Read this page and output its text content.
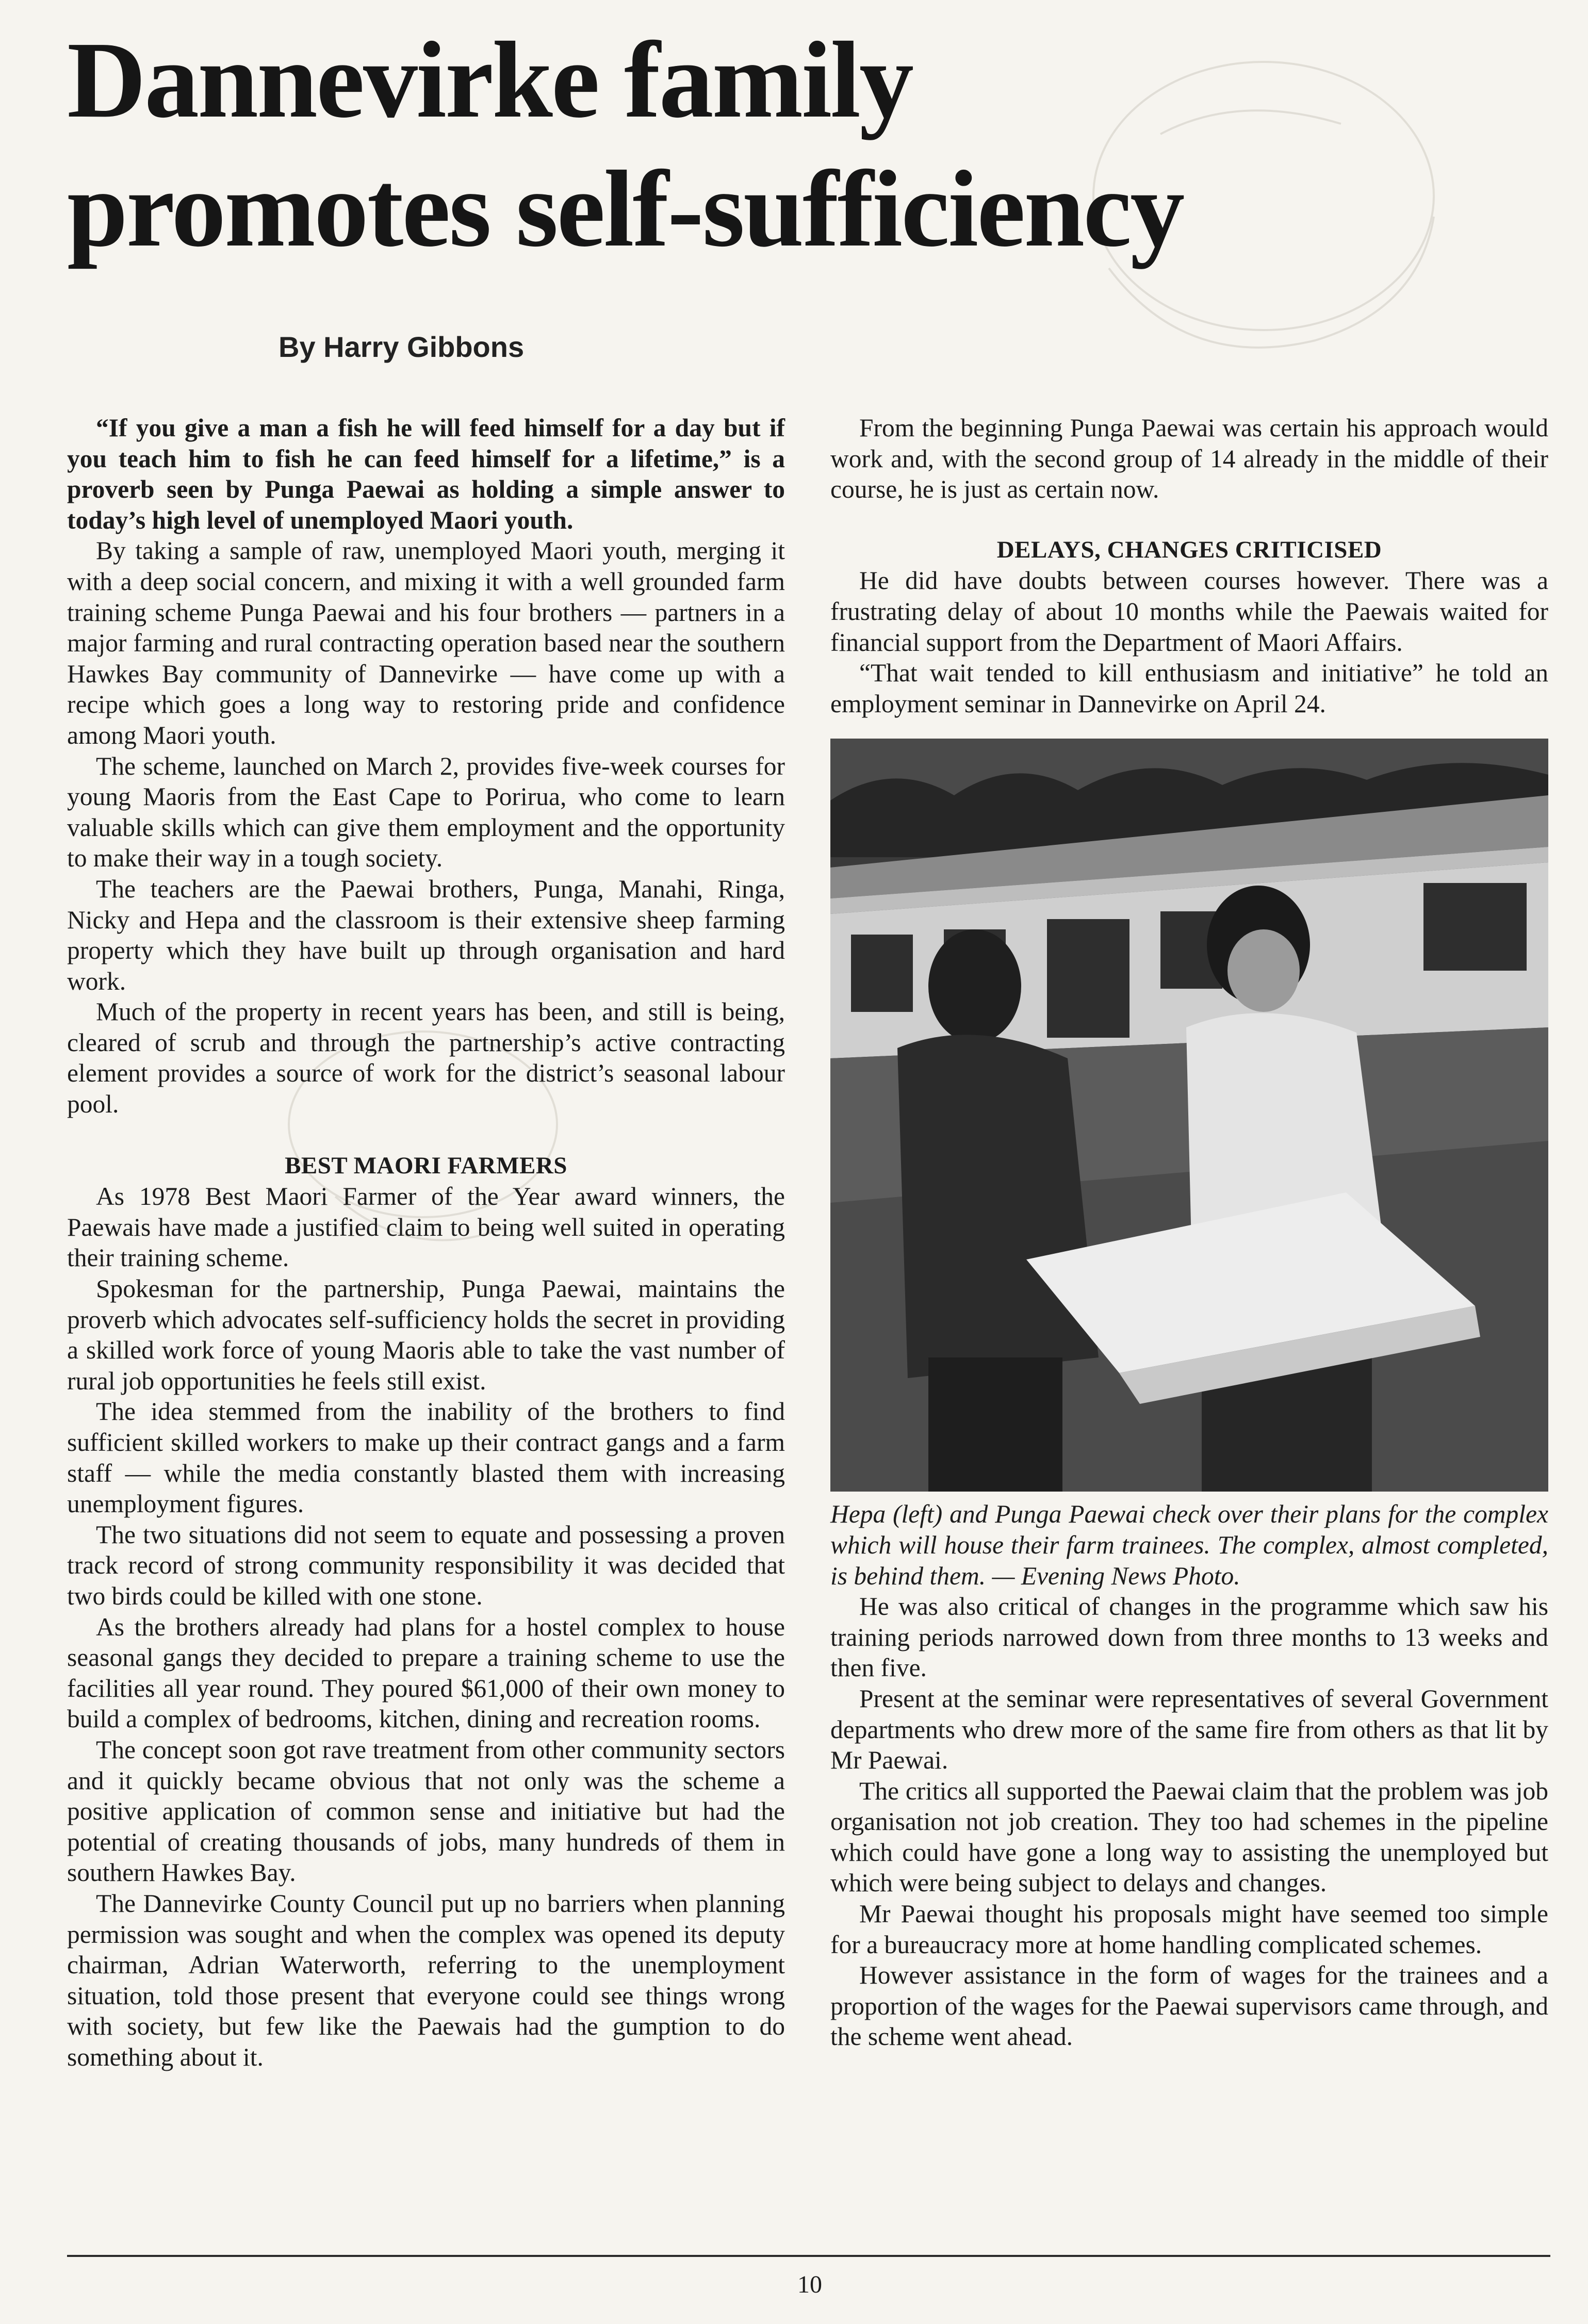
Dannevirke family
promotes self-sufficiency
By Harry Gibbons

“If you give a man a fish he will feed himself for a day but if you teach him to fish he can feed himself for a lifetime,” is a proverb seen by Punga Paewai as holding a simple answer to today’s high level of unemployed Maori youth.

By taking a sample of raw, unemployed Maori youth, merging it with a deep social concern, and mixing it with a well grounded farm training scheme Punga Paewai and his four brothers — partners in a major farming and rural contracting operation based near the southern Hawkes Bay community of Dannevirke — have come up with a recipe which goes a long way to restoring pride and confidence among Maori youth.

The scheme, launched on March 2, provides five-week courses for young Maoris from the East Cape to Porirua, who come to learn valuable skills which can give them employment and the opportunity to make their way in a tough society.

The teachers are the Paewai brothers, Punga, Manahi, Ringa, Nicky and Hepa and the classroom is their extensive sheep farming property which they have built up through organisation and hard work.

Much of the property in recent years has been, and still is being, cleared of scrub and through the partnership’s active contracting element provides a source of work for the district’s seasonal labour pool.

BEST MAORI FARMERS

As 1978 Best Maori Farmer of the Year award winners, the Paewais have made a justified claim to being well suited in operating their training scheme.

Spokesman for the partnership, Punga Paewai, maintains the proverb which advocates self-sufficiency holds the secret in providing a skilled work force of young Maoris able to take the vast number of rural job opportunities he feels still exist.

The idea stemmed from the inability of the brothers to find sufficient skilled workers to make up their contract gangs and a farm staff — while the media constantly blasted them with increasing unemployment figures.

The two situations did not seem to equate and possessing a proven track record of strong community responsibility it was decided that two birds could be killed with one stone.

As the brothers already had plans for a hostel complex to house seasonal gangs they decided to prepare a training scheme to use the facilities all year round. They poured $61,000 of their own money to build a complex of bedrooms, kitchen, dining and recreation rooms.

The concept soon got rave treatment from other community sectors and it quickly became obvious that not only was the scheme a positive application of common sense and initiative but had the potential of creating thousands of jobs, many hundreds of them in southern Hawkes Bay.

The Dannevirke County Council put up no barriers when planning permission was sought and when the complex was opened its deputy chairman, Adrian Waterworth, referring to the unemployment situation, told those present that everyone could see things wrong with society, but few like the Paewais had the gumption to do something about it.

From the beginning Punga Paewai was certain his approach would work and, with the second group of 14 already in the middle of their course, he is just as certain now.

DELAYS, CHANGES CRITICISED

He did have doubts between courses however. There was a frustrating delay of about 10 months while the Paewais waited for financial support from the Department of Maori Affairs.

“That wait tended to kill enthusiasm and initiative” he told an employment seminar in Dannevirke on April 24.

Hepa (left) and Punga Paewai check over their plans for the complex which will house their farm trainees. The complex, almost completed, is behind them. — Evening News Photo.

He was also critical of changes in the programme which saw his training periods narrowed down from three months to 13 weeks and then five.

Present at the seminar were representatives of several Government departments who drew more of the same fire from others as that lit by Mr Paewai.

The critics all supported the Paewai claim that the problem was job organisation not job creation. They too had schemes in the pipeline which could have gone a long way to assisting the unemployed but which were being subject to delays and changes.

Mr Paewai thought his proposals might have seemed too simple for a bureaucracy more at home handling complicated schemes.

However assistance in the form of wages for the trainees and a proportion of the wages for the Paewai supervisors came through, and the scheme went ahead.

10
